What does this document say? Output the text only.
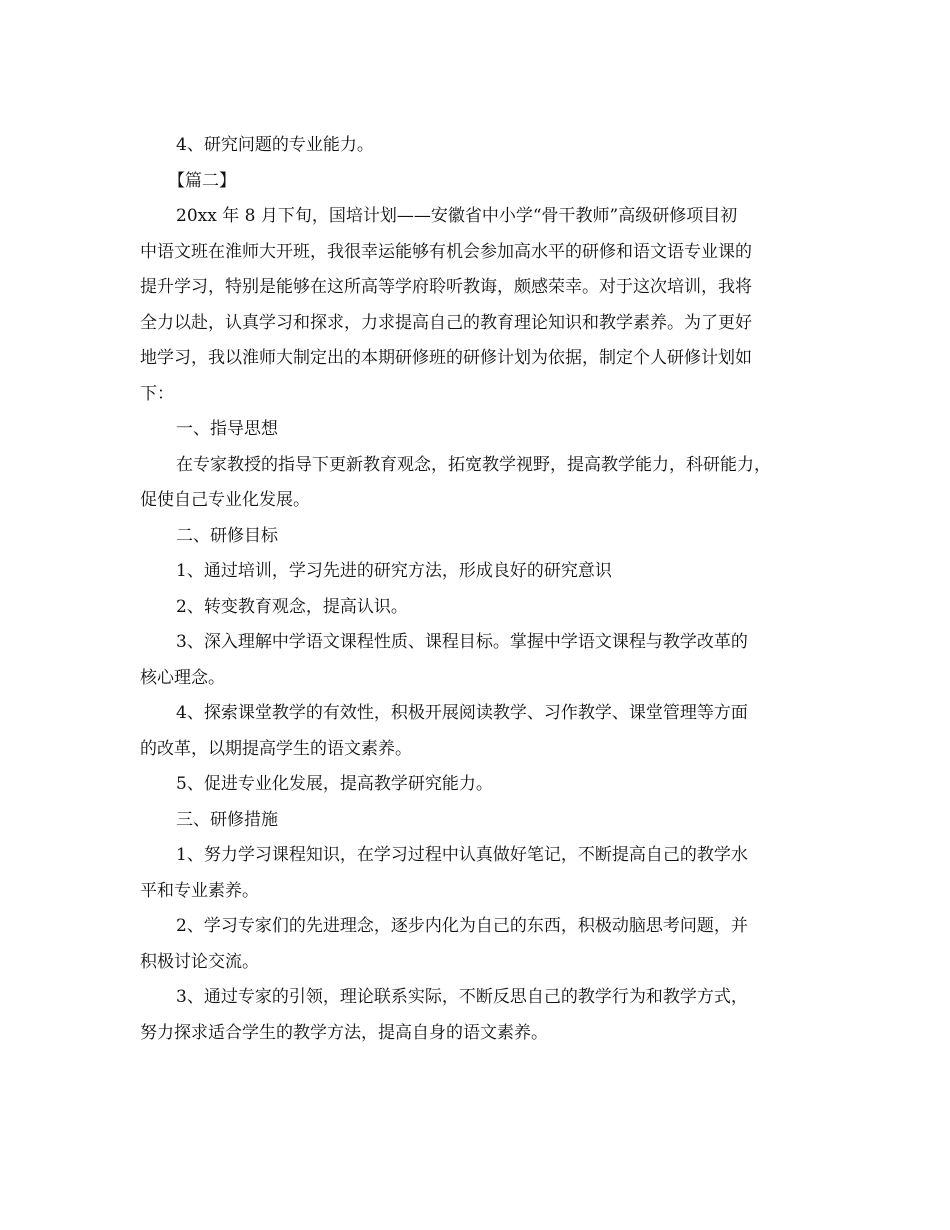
4、研究问题的专业能力。

【篇二】

20xx 年 8 月下旬，国培计划——安徽省中小学“骨干教师”高级研修项目初

中语文班在淮师大开班，我很幸运能够有机会参加高水平的研修和语文语专业课的

提升学习，特别是能够在这所高等学府聆听教诲，颇感荣幸。对于这次培训，我将

全力以赴，认真学习和探求，力求提高自己的教育理论知识和教学素养。为了更好

地学习，我以淮师大制定出的本期研修班的研修计划为依据，制定个人研修计划如

下：

一、指导思想

在专家教授的指导下更新教育观念，拓宽教学视野，提高教学能力，科研能力，

促使自己专业化发展。

二、研修目标

1、通过培训，学习先进的研究方法，形成良好的研究意识

2、转变教育观念，提高认识。

3、深入理解中学语文课程性质、课程目标。掌握中学语文课程与教学改革的

核心理念。

4、探索课堂教学的有效性，积极开展阅读教学、习作教学、课堂管理等方面

的改革，以期提高学生的语文素养。

5、促进专业化发展，提高教学研究能力。

三、研修措施

1、努力学习课程知识，在学习过程中认真做好笔记，不断提高自己的教学水

平和专业素养。

2、学习专家们的先进理念，逐步内化为自己的东西，积极动脑思考问题，并

积极讨论交流。

3、通过专家的引领，理论联系实际，不断反思自己的教学行为和教学方式，

努力探求适合学生的教学方法，提高自身的语文素养。
